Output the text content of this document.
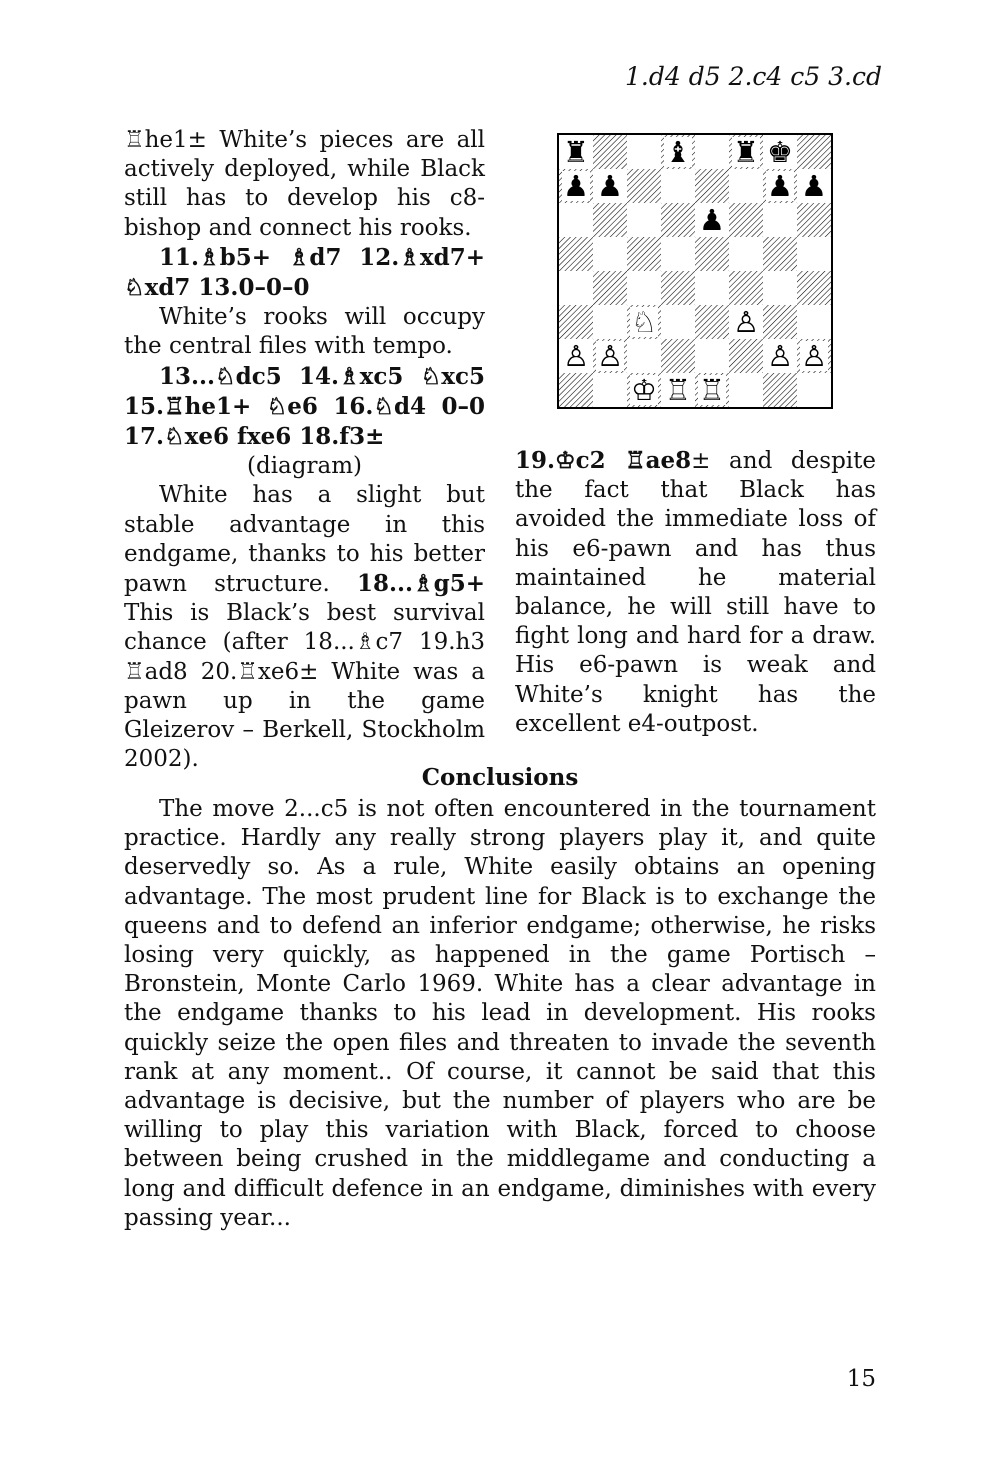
1.d4 d5 2.c4 c5 3.cd

♖he1± White’s pieces are all actively deployed, while Black still has to develop his c8-bishop and connect his rooks.

11.♗b5+ ♗d7 12.♗xd7+ ♘xd7 13.0–0–0

White’s rooks will occupy the central files with tempo.

13...♘dc5 14.♗xc5 ♘xc5 15.♖he1+ ♘e6 16.♘d4 0–0 17.♘xe6 fxe6 18.f3±

(diagram)

White has a slight but stable advantage in this endgame, thanks to his better pawn structure. 18...♗g5+ This is Black’s best survival chance (after 18...♗c7 19.h3 ♖ad8 20.♖xe6± White was a pawn up in the game Gleizerov – Berkell, Stockholm 2002).

♜	♝ ♜ ♚
♟ ♟	♟ ♟
♟
♘	♙
♙ ♙	♙ ♙
♔ ♖ ♖

19.♔c2 ♖ae8± and despite the fact that Black has avoided the immediate loss of his e6-pawn and has thus maintained he material balance, he will still have to fight long and hard for a draw. His e6-pawn is weak and White’s knight has the excellent e4-outpost.

Conclusions

The move 2...c5 is not often encountered in the tournament practice. Hardly any really strong players play it, and quite deservedly so. As a rule, White easily obtains an opening advantage. The most prudent line for Black is to exchange the queens and to defend an inferior endgame; otherwise, he risks losing very quickly, as happened in the game Portisch – Bronstein, Monte Carlo 1969. White has a clear advantage in the endgame thanks to his lead in development. His rooks quickly seize the open files and threaten to invade the seventh rank at any moment.. Of course, it cannot be said that this advantage is decisive, but the number of players who are be willing to play this variation with Black, forced to choose between being crushed in the middlegame and conducting a long and difficult defence in an endgame, diminishes with every passing year...

15
